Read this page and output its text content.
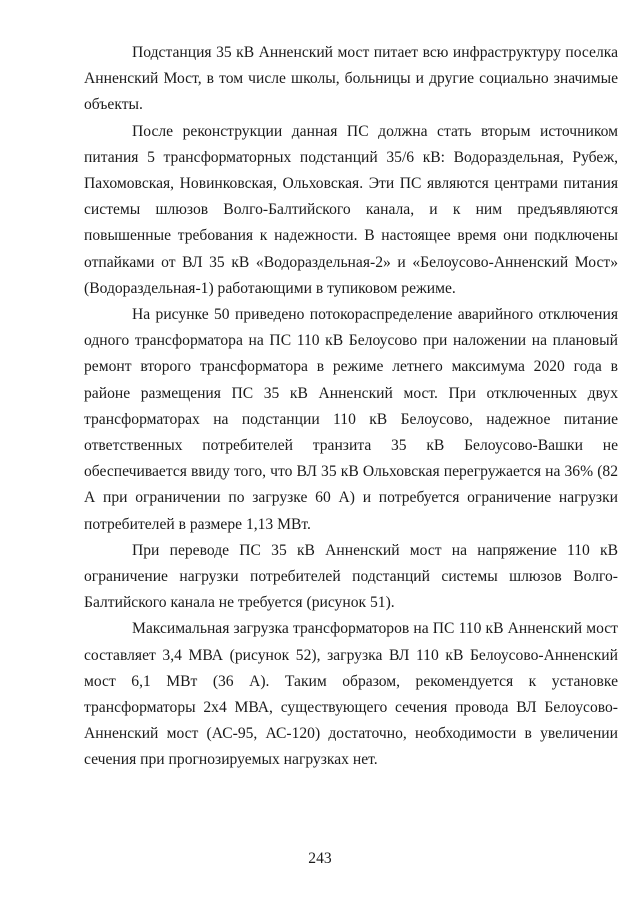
Подстанция 35 кВ Анненский мост питает всю инфраструктуру поселка Анненский Мост, в том числе школы, больницы и другие социально значимые объекты.

После реконструкции данная ПС должна стать вторым источником питания 5 трансформаторных подстанций 35/6 кВ: Водораздельная, Рубеж, Пахомовская, Новинковская, Ольховская. Эти ПС являются центрами питания системы шлюзов Волго-Балтийского канала, и к ним предъявляются повышенные требования к надежности. В настоящее время они подключены отпайками от ВЛ 35 кВ «Водораздельная-2» и «Белоусово-Анненский Мост» (Водораздельная-1) работающими в тупиковом режиме.

На рисунке 50 приведено потокораспределение аварийного отключения одного трансформатора на ПС 110 кВ Белоусово при наложении на плановый ремонт второго трансформатора в режиме летнего максимума 2020 года в районе размещения ПС 35 кВ Анненский мост. При отключенных двух трансформаторах на подстанции 110 кВ Белоусово, надежное питание ответственных потребителей транзита 35 кВ Белоусово-Вашки не обеспечивается ввиду того, что ВЛ 35 кВ Ольховская перегружается на 36% (82 А при ограничении по загрузке 60 А) и потребуется ограничение нагрузки потребителей в размере 1,13 МВт.

При переводе ПС 35 кВ Анненский мост на напряжение 110 кВ ограничение нагрузки потребителей подстанций системы шлюзов Волго-Балтийского канала не требуется (рисунок 51).

Максимальная загрузка трансформаторов на ПС 110 кВ Анненский мост составляет 3,4 МВА (рисунок 52), загрузка ВЛ 110 кВ Белоусово-Анненский мост 6,1 МВт (36 А). Таким образом, рекомендуется к установке трансформаторы 2х4 МВА, существующего сечения провода ВЛ Белоусово-Анненский мост (АС-95, АС-120) достаточно, необходимости в увеличении сечения при прогнозируемых нагрузках нет.

243
